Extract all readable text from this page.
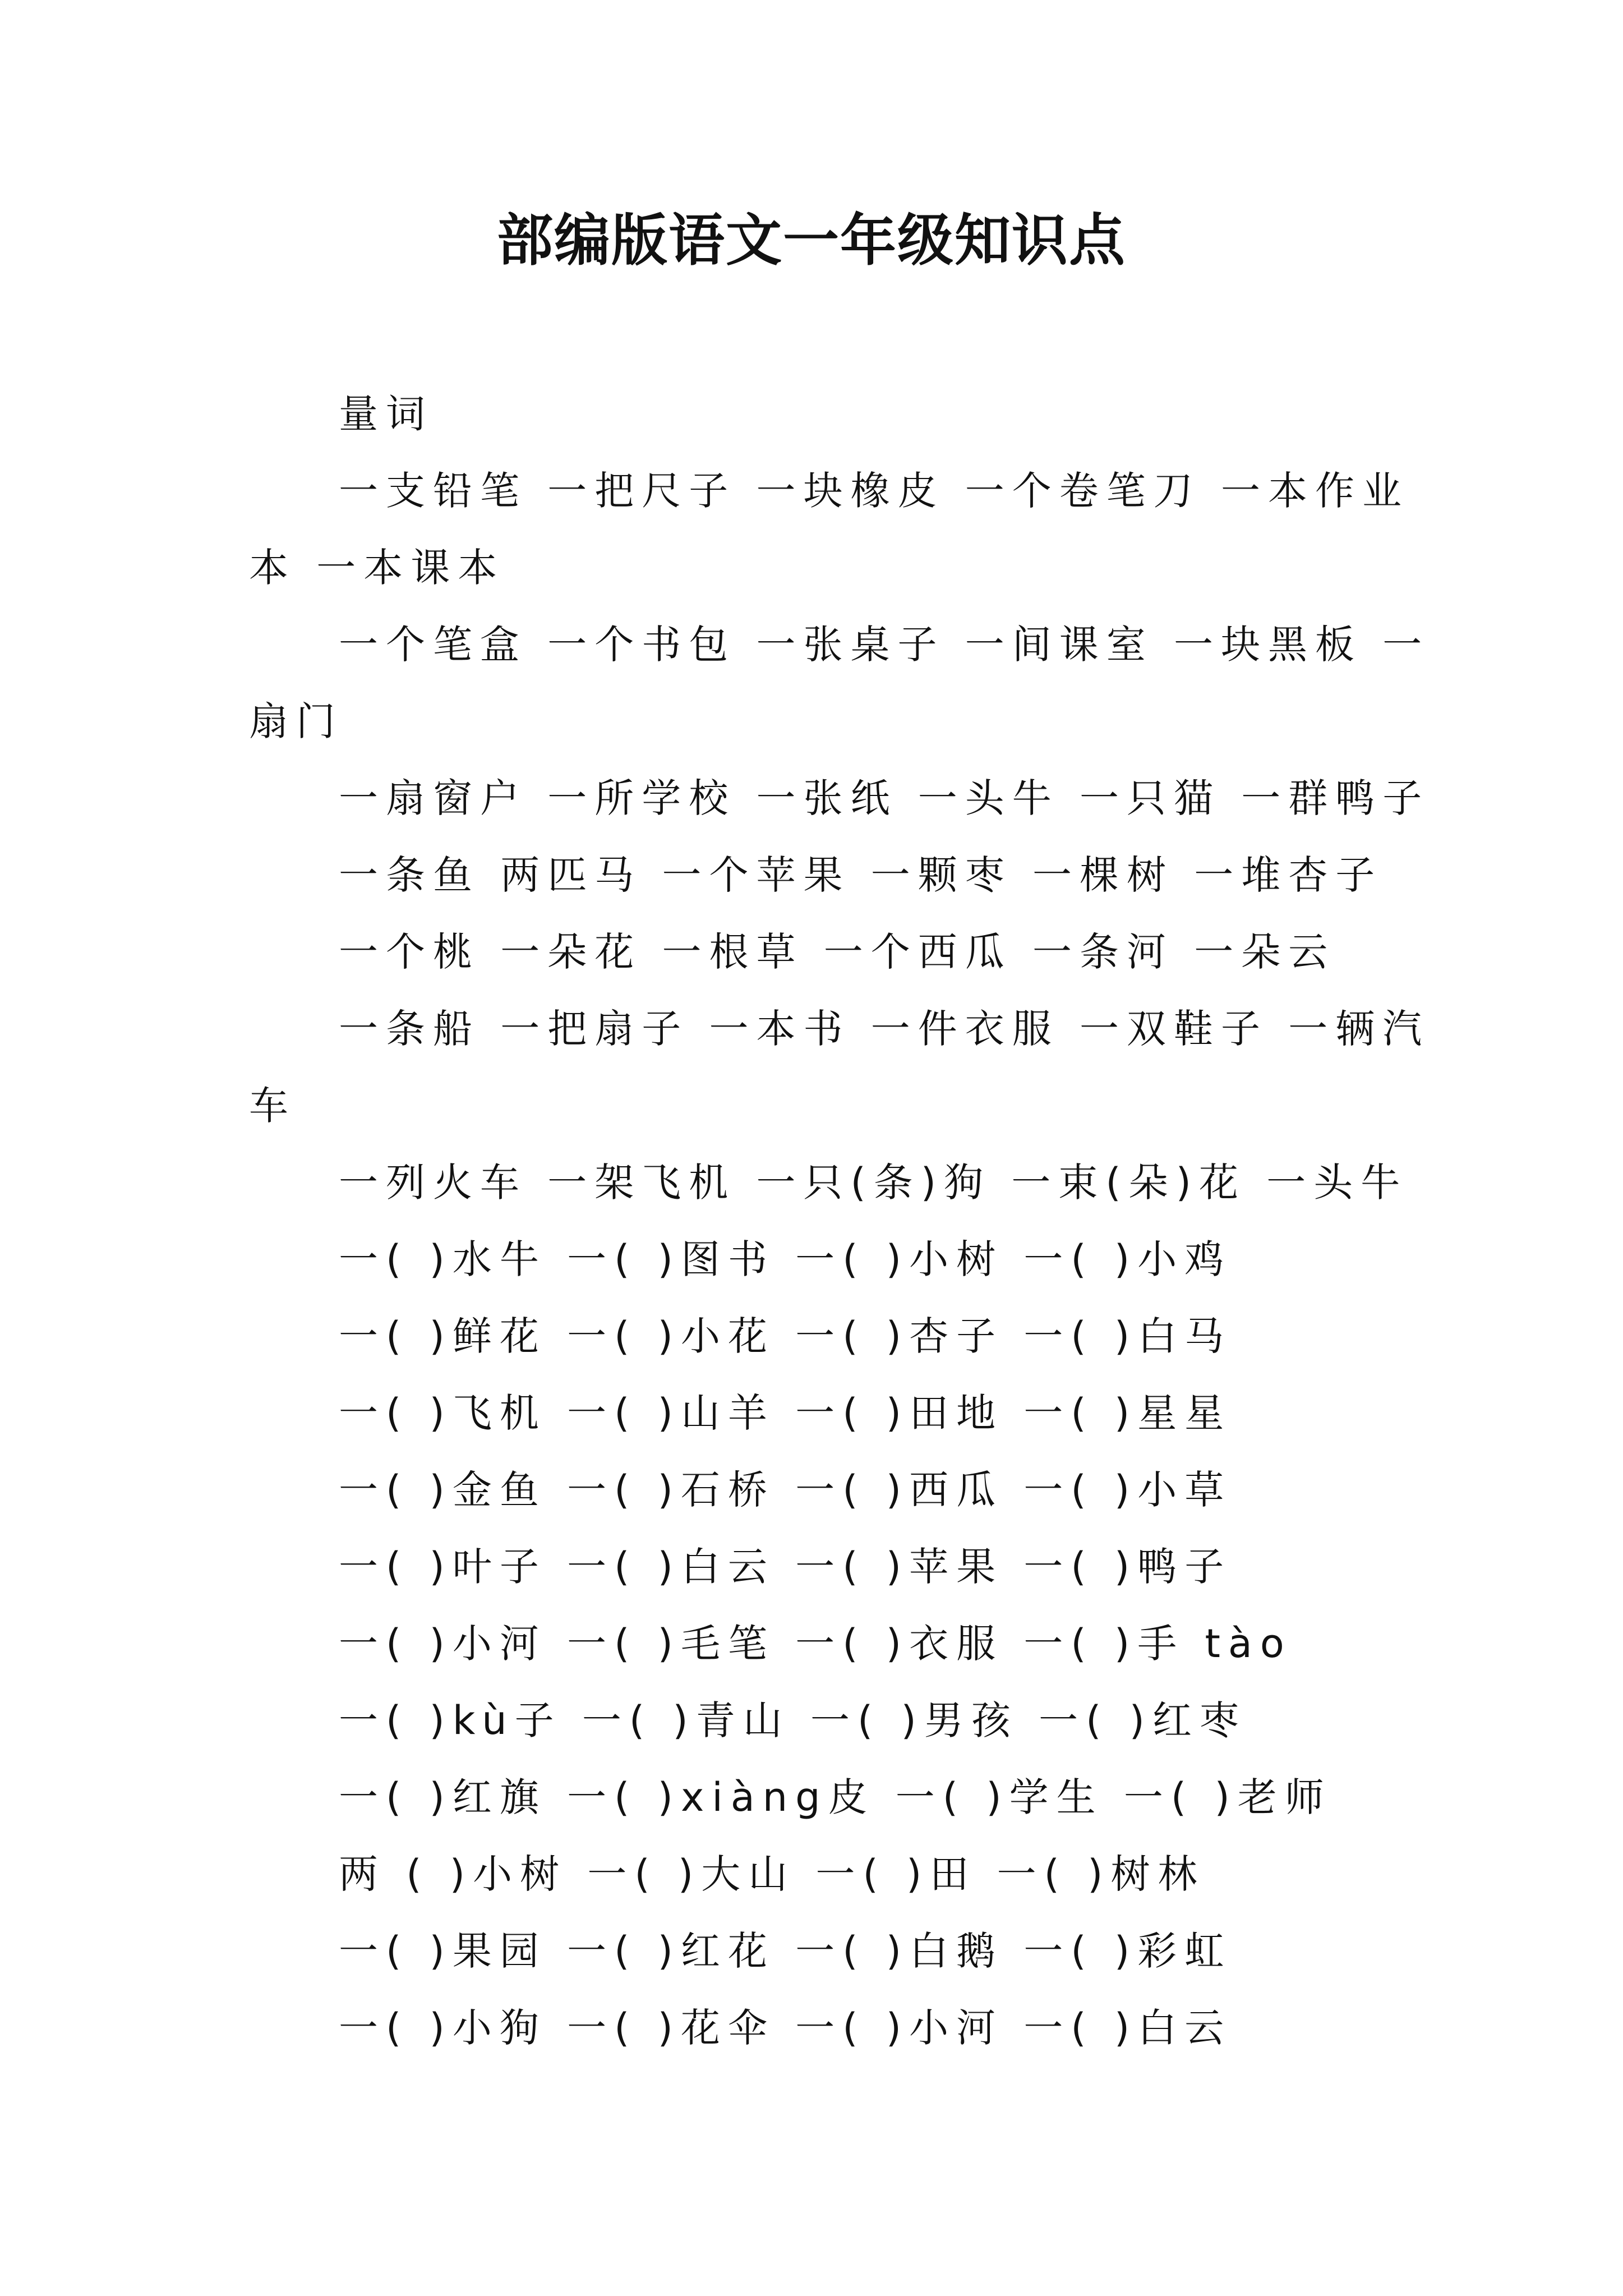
部编版语文一年级知识点
量词
一支铅笔 一把尺子 一块橡皮 一个卷笔刀 一本作业
本 一本课本
一个笔盒 一个书包 一张桌子 一间课室 一块黑板 一
扇门
一扇窗户 一所学校 一张纸 一头牛 一只猫 一群鸭子
一条鱼 两匹马 一个苹果 一颗枣 一棵树 一堆杏子
一个桃 一朵花 一根草 一个西瓜 一条河 一朵云
一条船 一把扇子 一本书 一件衣服 一双鞋子 一辆汽
车
一列火车 一架飞机 一只(条)狗 一束(朵)花 一头牛
一( )水牛 一( )图书 一( )小树 一( )小鸡
一( )鲜花 一( )小花 一( )杏子 一( )白马
一( )飞机 一( )山羊 一( )田地 一( )星星
一( )金鱼 一( )石桥 一( )西瓜 一( )小草
一( )叶子 一( )白云 一( )苹果 一( )鸭子
一( )小河 一( )毛笔 一( )衣服 一( )手 tào
一( )kù子 一( )青山 一( )男孩 一( )红枣
一( )红旗 一( )xiàng皮 一( )学生 一( )老师
两 ( )小树 一( )大山 一( )田 一( )树林
一( )果园 一( )红花 一( )白鹅 一( )彩虹
一( )小狗 一( )花伞 一( )小河 一( )白云
